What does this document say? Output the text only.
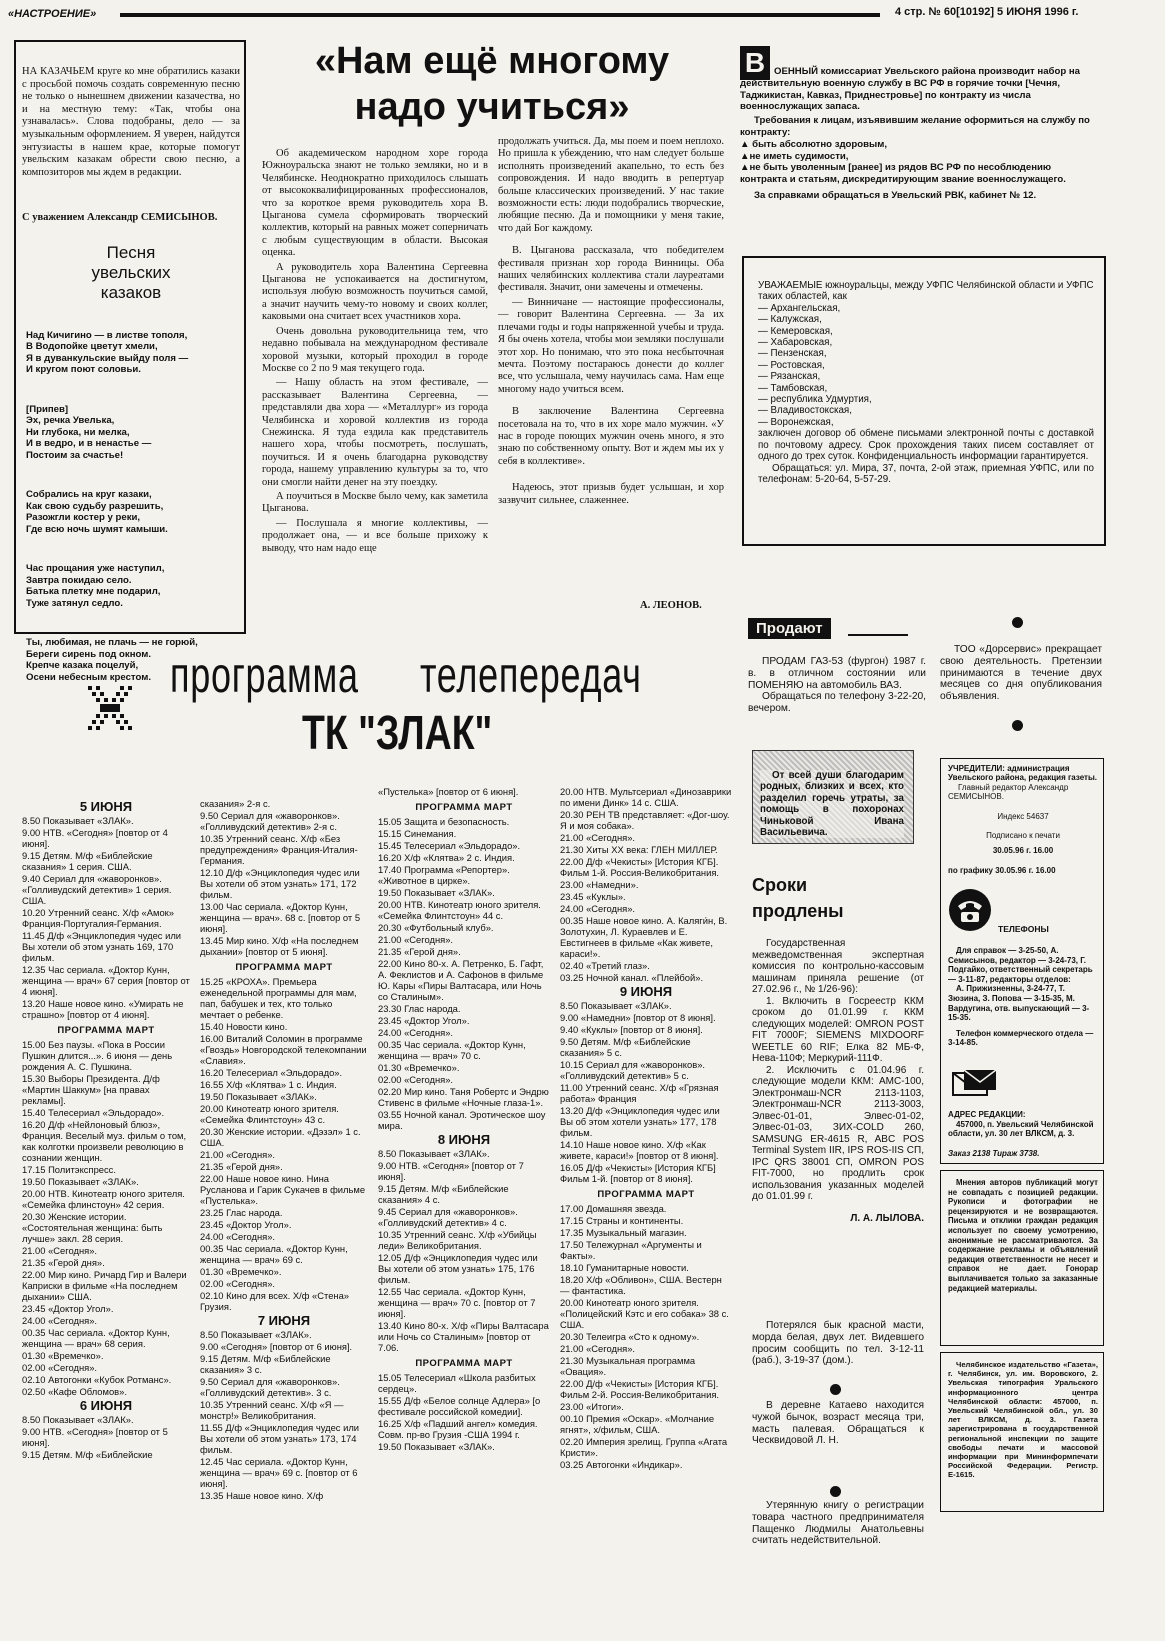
«НАСТРОЕНИЕ»	4 стр. № 60[10192] 5 ИЮНЯ 1996 г.
НА КАЗАЧЬЕМ круге ко мне обратились казаки с просьбой помочь создать современную песню не только о нынешнем движении казачества, но и на местную тему: «Так, чтобы она узнавалась». Слова подобраны, дело — за музыкальным оформлением. Я уверен, найдутся энтузиасты в нашем крае, которые помогут увельским казакам обрести свою песню, а композиторов мы ждем в редакции.
С уважением Александр СЕМИСЫНОВ.
Песня
увельских
казаков

Над Кичигино — в листве тополя,
В Водопойке цветут хмели,
Я в дуванкульские выйду поля —
И кругом поют соловьи.

[Припев]
Эх, речка Увелька,
Ни глубока, ни мелка,
И в ведро, и в ненастье —
Постоим за счастье!

Собрались на круг казаки,
Как свою судьбу разрешить,
Разожгли костер у реки,
Где всю ночь шумят камыши.

Час прощания уже наступил,
Завтра покидаю село.
Батька плетку мне подарил,
Туже затянул седло.

Ты, любимая, не плачь — не горюй,
Береги сирень под окном.
Крепче казака поцелуй,
Осени небесным крестом.

«Нам ещё многому
надо учиться»

Об академическом народном хоре города Южноуральска знают не только земляки, но и в Челябинске. Неоднократно приходилось слышать от высококвалифицированных профессионалов, что за короткое время руководитель хора В. Цыганова сумела сформировать творческий коллектив, который на равных может соперничать с любым существующим в области. Высокая оценка.

А руководитель хора Валентина Сергеевна Цыганова не успокаивается на достигнутом, используя любую возможность поучиться самой, а значит научить чему-то новому и своих коллег, каковыми она считает всех участников хора.

Очень довольна руководительница тем, что недавно побывала на международном фестивале хоровой музыки, который проходил в городе Москве со 2 по 9 мая текущего года.

— Нашу область на этом фестивале, — рассказывает Валентина Сергеевна, — представляли два хора — «Металлург» из города Челябинска и хоровой коллектив из города Снежинска. Я туда ездила как представитель нашего хора, чтобы посмотреть, послушать, поучиться. И я очень благодарна руководству города, нашему управлению культуры за то, что они смогли найти денег на эту поездку.

А поучиться в Москве было чему, как заметила Цыганова.

— Послушала я многие коллективы, — продолжает она, — и все больше прихожу к выводу, что нам надо еще

продолжать учиться. Да, мы поем и поем неплохо. Но пришла к убеждению, что нам следует больше исполнять произведений акапельно, то есть без сопровождения. И надо вводить в репертуар больше классических произведений. У нас такие возможности есть: люди подобрались творческие, любящие песню. Да и помощники у меня такие, что дай Бог каждому.

В. Цыганова рассказала, что победителем фестиваля признан хор города Винницы. Оба наших челябинских коллектива стали лауреатами фестиваля. Значит, они замечены и отмечены.

— Винничане — настоящие профессионалы, — говорит Валентина Сергеевна. — За их плечами годы и годы напряженной учебы и труда. Я бы очень хотела, чтобы мои земляки послушали этот хор. Но понимаю, что это пока несбыточная мечта. Поэтому постараюсь донести до коллег все, что услышала, чему научилась сама. Нам еще многому надо учиться всем.

В заключение Валентина Сергеевна посетовала на то, что в их хоре мало мужчин. «У нас в городе поющих мужчин очень много, я это знаю по собственному опыту. Вот и ждем мы их у себя в коллективе».

Надеюсь, этот призыв будет услышан, и хор зазвучит сильнее, слаженнее.

А. ЛЕОНОВ.
В ОЕННЫЙ комиссариат Увельского района производит набор на действительную военную службу в ВС РФ в горячие точки [Чечня, Таджикистан, Кавказ, Приднестровье] по контракту из числа военнослужащих запаса.

Требования к лицам, изъявившим желание оформиться на службу по контракту:

▲ быть абсолютно здоровым,

▲не иметь судимости,

▲не быть уволенным [ранее] из рядов ВС РФ по несоблюдению контракта и статьям, дискредитирующим звание военнослужащего.

За справками обращаться в Увельский РВК, кабинет № 12.

УВАЖАЕМЫЕ южноуральцы, между УФПС Челябинской области и УФПС таких областей, как

— Архангельская,

— Калужская,

— Кемеровская,

— Хабаровская,

— Пензенская,

— Ростовская,

— Рязанская,

— Тамбовская,

— республика Удмуртия,

— Владивостокская,

— Воронежская,

заключен договор об обмене письмами электронной почты с доставкой по почтовому адресу. Срок прохождения таких писем составляет от одного до трех суток. Конфиденциальность информации гарантируется.

Обращаться: ул. Мира, 37, почта, 2-ой этаж, приемная УФПС, или по телефонам: 5-20-64, 5-57-29.

Продают

ПРОДАМ ГАЗ-53 (фургон) 1987 г. в. в отличном состоянии или ПОМЕНЯЮ на автомобиль ВАЗ.

Обращаться по телефону 3-22-20, вечером.

ТОО «Дорсервис» прекращает свою деятельность. Претензии принимаются в течение двух месяцев со дня опубликования объявления.
От всей души благодарим родных, близких и всех, кто разделил горечь утраты, за помощь в похоронах Чиньковой Ивана Васильевича.
Сроки продлены

Государственная межведомственная экспертная комиссия по контрольно-кассовым машинам приняла решение (от 27.02.96 г., № 1/26-96):

1. Включить в Госреестр ККМ сроком до 01.01.99 г. ККМ следующих моделей: OMRON POST FIT 7000F; SIEMENS MIXDOORF WEETLE 60 RIF; Елка 82 МБ-Ф, Нева-110Ф; Меркурий-111Ф.

2. Исключить с 01.04.96 г. следующие модели ККМ: АМС-100, Электронмаш-NCR 2113-1103, Электронмаш-NCR 2113-3003, Элвес-01-01, Элвес-01-02, Элвес-01-03, ЗИХ-COLD 260, SAMSUNG ER-4615 R, ABC POS Terminal System IIR, IPS ROS-IIS СП, IPC QRS 38001 СП, OMRON POS FIT-7000, но продлить срок использования указанных моделей до 01.01.99 г.

Л. А. ЛЫЛОВА.

Потерялся бык красной масти, морда белая, двух лет. Видевшего просим сообщить по тел. 3-12-11 (раб.), 3-19-37 (дом.).
В деревне Катаево находится чужой бычок, возраст месяца три, масть палевая. Обращаться к Ческвидовой Л. Н.
Утерянную книгу о регистрации товара частного предпринимателя Пащенко Людмилы Анатольевны считать недействительной.

УЧРЕДИТЕЛИ: администрация Увельского района, редакция газеты.

Главный редактор Александр СЕМИСЫНОВ.

Индекс 54637

Подписано к печати

30.05.96 г. 16.00

по графику 30.05.96 г. 16.00

ТЕЛЕФОНЫ

Для справок — 3-25-50, А. Семисынов, редактор — 3-24-73, Г. Подгайко, ответственный секретарь — 3-11-87, редакторы отделов:

А. Прижизненны, 3-24-77, Т. Зюзина, З. Попова — 3-15-35, М. Вардугина, отв. выпускающий — 3-15-35.

Телефон коммерческого отдела — 3-14-85.

АДРЕС РЕДАКЦИИ:

457000, п. Увельский Челябинской области, ул. 30 лет ВЛКСМ, д. 3.

Заказ 2138 Тираж 3738.

Мнения авторов публикаций могут не совпадать с позицией редакции. Рукописи и фотографии не рецензируются и не возвращаются. Письма и отклики граждан редакция использует по своему усмотрению, анонимные не рассматриваются. За содержание рекламы и объявлений редакция ответственности не несет и справок не дает. Гонорар выплачивается только за заказанные редакцией материалы.
Челябинское издательство «Газета», г. Челябинск, ул. им. Воровского, 2. Увельская типография Уральского информационного центра Челябинской области: 457000, п. Увельский Челябинской обл., ул. 30 лет ВЛКСМ, д. 3. Газета зарегистрирована в государственной региональной инспекции по защите свободы печати и массовой информации при Мининформпечати Российской Федерации. Регистр. Е-1615.
программа телепередач
ТК "ЗЛАК"
5 ИЮНЯ

8.50 Показывает «ЗЛАК».

9.00 НТВ. «Сегодня» [повтор от 4 июня].

9.15 Детям. М/ф «Библейские сказания» 1 серия. США.

9.40 Сериал для «жаворонков». «Голливудский детектив» 1 серия. США.

10.20 Утренний сеанс. Х/ф «Амок» Франция-Португалия-Германия.

11.45 Д/ф «Энциклопедия чудес или Вы хотели об этом узнать 169, 170 фильм.

12.35 Час сериала. «Доктор Кунн, женщина — врач» 67 серия [повтор от 4 июня].

13.20 Наше новое кино. «Умирать не страшно» [повтор от 4 июня].

ПРОГРАММА МАРТ

15.00 Без паузы. «Пока в России Пушкин длится...». 6 июня — день рождения А. С. Пушкина.

15.30 Выборы Президента. Д/ф «Мартин Шаккум» [на правах рекламы].

15.40 Телесериал «Эльдорадо».

16.20 Д/ф «Нейлоновый блюз», Франция. Веселый муз. фильм о том, как колготки произвели революцию в сознании женщин.

17.15 Политэкспресс.

19.50 Показывает «ЗЛАК».

20.00 НТВ. Кинотеатр юного зрителя. «Семейка флинстоун» 42 серия.

20.30 Женские истории. «Состоятельная женщина: быть лучше» закл. 28 серия.

21.00 «Сегодня».

21.35 «Герой дня».

22.00 Мир кино. Ричард Гир и Валери Каприски в фильме «На последнем дыхании» США.

23.45 «Доктор Угол».

24.00 «Сегодня».

00.35 Час сериала. «Доктор Кунн, женщина — врач» 68 серия.

01.30 «Времечко».

02.00 «Сегодня».

02.10 Автогонки «Кубок Ротманс».

02.50 «Кафе Обломов».

6 ИЮНЯ

8.50 Показывает «ЗЛАК».

9.00 НТВ. «Сегодня» [повтор от 5 июня].

9.15 Детям. М/ф «Библейские

сказания» 2-я с.

9.50 Сериал для «жаворонков». «Голливудский детектив» 2-я с.

10.35 Утренний сеанс. Х/ф «Без предупреждения» Франция-Италия-Германия.

12.10 Д/ф «Энциклопедия чудес или Вы хотели об этом узнать» 171, 172 фильм.

13.00 Час сериала. «Доктор Кунн, женщина — врач». 68 с. [повтор от 5 июня].

13.45 Мир кино. Х/ф «На последнем дыхании» [повтор от 5 июня].

ПРОГРАММА МАРТ

15.25 «КРОХА». Премьера еженедельной программы для мам, пап, бабушек и тех, кто только мечтает о ребенке.

15.40 Новости кино.

16.00 Виталий Соломин в программе «Гвоздь» Новгородской телекомпании «Славия».

16.20 Телесериал «Эльдорадо».

16.55 Х/ф «Клятва» 1 с. Индия.

19.50 Показывает «ЗЛАК».

20.00 Кинотеатр юного зрителя. «Семейка Флинтстоун» 43 с.

20.30 Женские истории. «Дэзэл» 1 с. США.

21.00 «Сегодня».

21.35 «Герой дня».

22.00 Наше новое кино. Нина Русланова и Гарик Сукачев в фильме «Пустелька».

23.25 Глас народа.

23.45 «Доктор Угол».

24.00 «Сегодня».

00.35 Час сериала. «Доктор Кунн, женщина — врач» 69 с.

01.30 «Времечко».

02.00 «Сегодня».

02.10 Кино для всех. Х/ф «Стена» Грузия.

7 ИЮНЯ

8.50 Показывает «ЗЛАК».

9.00 «Сегодня» [повтор от 6 июня].

9.15 Детям. М/ф «Библейские сказания» 3 с.

9.50 Сериал для «жаворонков». «Голливудский детектив». 3 с.

10.35 Утренний сеанс. Х/ф «Я — монстр!» Великобритания.

11.55 Д/ф «Энциклопедия чудес или Вы хотели об этом узнать» 173, 174 фильм.

12.45 Час сериала. «Доктор Кунн, женщина — врач» 69 с. [повтор от 6 июня].

13.35 Наше новое кино. Х/ф

«Пустелька» [повтор от 6 июня].

ПРОГРАММА МАРТ

15.05 Защита и безопасность.

15.15 Синемания.

15.45 Телесериал «Эльдорадо».

16.20 Х/ф «Клятва» 2 с. Индия.

17.40 Программа «Репортер». «Животное в цирке».

19.50 Показывает «ЗЛАК».

20.00 НТВ. Кинотеатр юного зрителя. «Семейка Флинтстоун» 44 с.

20.30 «Футбольный клуб».

21.00 «Сегодня».

21.35 «Герой дня».

22.00 Кино 80-х. А. Петренко, Б. Гафт, А. Феклистов и А. Сафонов в фильме Ю. Кары «Пиры Валтасара, или Ночь со Сталиным».

23.30 Глас народа.

23.45 «Доктор Угол».

24.00 «Сегодня».

00.35 Час сериала. «Доктор Кунн, женщина — врач» 70 с.

01.30 «Времечко».

02.00 «Сегодня».

02.20 Мир кино. Таня Робертс и Эндрю Стивенс в фильме «Ночные глаза-1».

03.55 Ночной канал. Эротическое шоу мира.

8 ИЮНЯ

8.50 Показывает «ЗЛАК».

9.00 НТВ. «Сегодня» [повтор от 7 июня].

9.15 Детям. М/ф «Библейские сказания» 4 с.

9.45 Сериал для «жаворонков». «Голливудский детектив» 4 с.

10.35 Утренний сеанс. Х/ф «Убийцы леди» Великобритания.

12.05 Д/ф «Энциклопедия чудес или Вы хотели об этом узнать» 175, 176 фильм.

12.55 Час сериала. «Доктор Кунн, женщина — врач» 70 с. [повтор от 7 июня].

13.40 Кино 80-х. Х/ф «Пиры Валтасара или Ночь со Сталиным» [повтор от 7.06.

ПРОГРАММА МАРТ

15.05 Телесериал «Школа разбитых сердец».

15.55 Д/ф «Белое солнце Адлера» [о фестивале российской комедии].

16.25 Х/ф «Падший ангел» комедия. Совм. пр-во Грузия -США 1994 г.

19.50 Показывает «ЗЛАК».

20.00 НТВ. Мультсериал «Динозаврики по имени Динк» 14 с. США.

20.30 РЕН ТВ представляет: «Дог-шоу. Я и моя собака».

21.00 «Сегодня».

21.30 Хиты ХХ века: ГЛЕН МИЛЛЕР.

22.00 Д/ф «Чекисты» [История КГБ]. Фильм 1-й. Россия-Великобритания.

23.00 «Намедни».

23.45 «Куклы».

24.00 «Сегодня».

00.35 Наше новое кино. А. Каляги́н, В. Золотухин, Л. Кураевлев и Е. Евстигнеев в фильме «Как живете, караси!».

02.40 «Третий глаз».

03.25 Ночной канал. «Плейбой».

9 ИЮНЯ

8.50 Показывает «ЗЛАК».

9.00 «Намедни» [повтор от 8 июня].

9.40 «Куклы» [повтор от 8 июня].

9.50 Детям. М/ф «Библейские сказания» 5 с.

10.15 Сериал для «жаворонков». «Голливудский детектив» 5 с.

11.00 Утренний сеанс. Х/ф «Грязная работа» Франция

13.20 Д/ф «Энциклопедия чудес или Вы об этом хотели узнать» 177, 178 фильм.

14.10 Наше новое кино. Х/ф «Как живете, караси!» [повтор от 8 июня].

16.05 Д/ф «Чекисты» [История КГБ] Фильм 1-й. [повтор от 8 июня].

ПРОГРАММА МАРТ

17.00 Домашняя звезда.

17.15 Страны и континенты.

17.35 Музыкальный магазин.

17.50 Тележурнал «Аргументы и Факты».

18.10 Гуманитарные новости.

18.20 Х/ф «Обливон», США. Вестерн — фантастика.

20.00 Кинотеатр юного зрителя. «Полицейский Кэтс и его собака» 38 с. США.

20.30 Телеигра «Сто к одному».

21.00 «Сегодня».

21.30 Музыкальная программа «Овация».

22.00 Д/ф «Чекисты» [История КГБ]. Фильм 2-й. Россия-Великобритания.

23.00 «Итоги».

00.10 Премия «Оскар». «Молчание ягнят», х/фильм, США.

02.20 Империя зрелищ. Группа «Агата Кристи».

03.25 Автогонки «Индикар».
